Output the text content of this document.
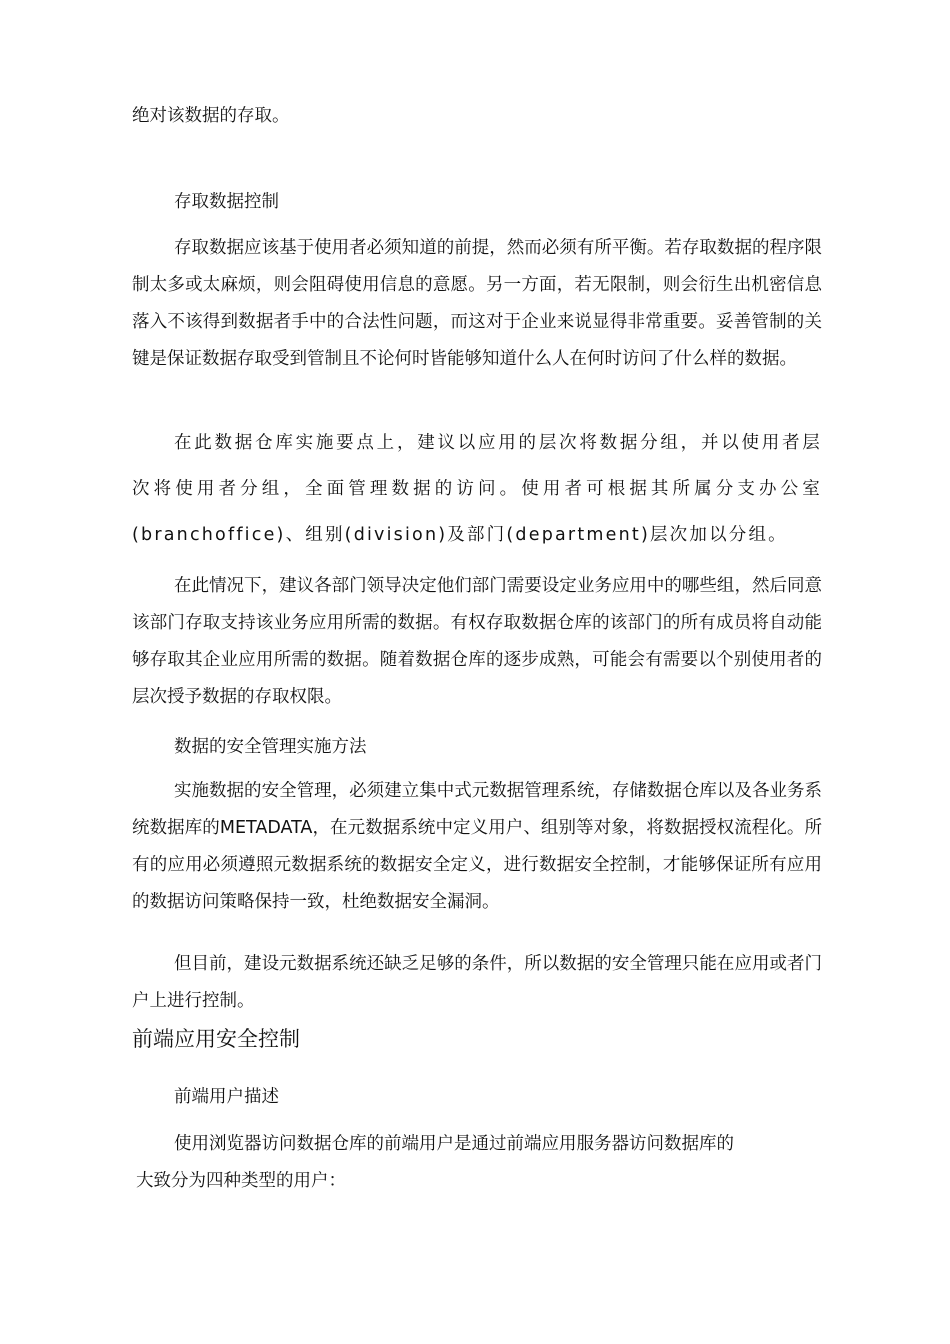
绝对该数据的存取。

存取数据控制

存取数据应该基于使用者必须知道的前提，然而必须有所平衡。若存取数据的程序限制太多或太麻烦，则会阻碍使用信息的意愿。另一方面，若无限制，则会衍生出机密信息落入不该得到数据者手中的合法性问题，而这对于企业来说显得非常重要。妥善管制的关键是保证数据存取受到管制且不论何时皆能够知道什么人在何时访问了什么样的数据。

在此数据仓库实施要点上，建议以应用的层次将数据分组，并以使用者层次将使用者分组，全面管理数据的访问。使用者可根据其所属分支办公室(branchoffice)、组别(division)及部门(department)层次加以分组。

在此情况下，建议各部门领导决定他们部门需要设定业务应用中的哪些组，然后同意该部门存取支持该业务应用所需的数据。有权存取数据仓库的该部门的所有成员将自动能够存取其企业应用所需的数据。随着数据仓库的逐步成熟，可能会有需要以个别使用者的层次授予数据的存取权限。

数据的安全管理实施方法

实施数据的安全管理，必须建立集中式元数据管理系统，存储数据仓库以及各业务系统数据库的METADATA，在元数据系统中定义用户、组别等对象，将数据授权流程化。所有的应用必须遵照元数据系统的数据安全定义，进行数据安全控制，才能够保证所有应用的数据访问策略保持一致，杜绝数据安全漏洞。

但目前，建设元数据系统还缺乏足够的条件，所以数据的安全管理只能在应用或者门户上进行控制。

前端应用安全控制

前端用户描述

使用浏览器访问数据仓库的前端用户是通过前端应用服务器访问数据库的

大致分为四种类型的用户：
